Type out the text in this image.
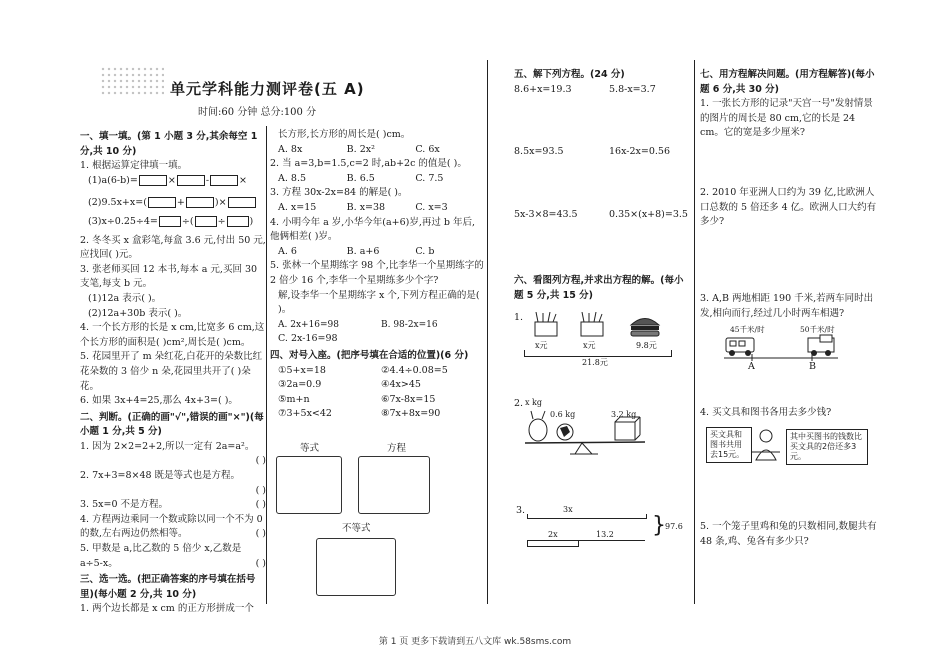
单元学科能力测评卷(五 A)
时间:60 分钟 总分:100 分
一、填一填。(第 1 小题 3 分,其余每空 1 分,共 10 分)
1. 根据运算定律填一填。
(1)a(6-b)=	×	-	×
(2)9.5x+x=(	+	)×
(3)x÷0.25÷4=	÷(	÷	)
2. 冬冬买 x 盒彩笔,每盒 3.6 元,付出 50 元,应找回( )元。
3. 张老师买回 12 本书,每本 a 元,买回 30 支笔,每支 b 元。
(1)12a 表示( )。
(2)12a+30b 表示( )。
4. 一个长方形的长是 x cm,比宽多 6 cm,这个长方形的面积是( )cm²,周长是( )cm。
5. 花园里开了 m 朵红花,白花开的朵数比红花朵数的 3 倍少 n 朵,花园里共开了( )朵花。
6. 如果 3x+4=25,那么 4x+3=( )。
二、判断。(正确的画"√",错误的画"×")(每小题 1 分,共 5 分)
1. 因为 2×2=2+2,所以一定有 2a=a²。
( )
2. 7x+3=8×48 既是等式也是方程。
( )
3. 5x=0 不是方程。	( )
4. 方程两边乘同一个数或除以同一个不为 0 的数,左右两边仍然相等。	( )
5. 甲数是 a,比乙数的 5 倍少 x,乙数是 a÷5-x。	( )
三、选一选。(把正确答案的序号填在括号里)(每小题 2 分,共 10 分)
1. 两个边长都是 x cm 的正方形拼成一个
长方形,长方形的周长是( )cm。
A. 8x	B. 2x²	C. 6x
2. 当 a=3,b=1.5,c=2 时,ab+2c 的值是( )。
A. 8.5	B. 6.5	C. 7.5
3. 方程 30x-2x=84 的解是( )。
A. x=15	B. x=38	C. x=3
4. 小明今年 a 岁,小华今年(a+6)岁,再过 b 年后,他俩相差( )岁。
A. 6	B. a+6	C. b
5. 张林一个星期练字 98 个,比李华一个星期练字的 2 倍少 16 个,李华一个星期练多少个字?
解,设李华一个星期练字 x 个,下列方程正确的是( )。
A. 2x+16=98	B. 98-2x=16
C. 2x-16=98
四、对号入座。(把序号填在合适的位置)(6 分)
①5+x=18	②4.4÷0.08=5
③2a=0.9	④4x>45
⑤m+n	⑥7x-8x=15
⑦3+5x<42	⑧7x+8x=90
等式	方程
不等式
五、解下列方程。(24 分)
8.6+x=19.3	5.8-x=3.7
8.5x=93.5	16x-2x=0.56
5x-3×8=43.5	0.35×(x+8)=3.5
六、看图列方程,并求出方程的解。(每小题 5 分,共 15 分)
1.
x元	x元	9.8元
21.8元
2. x kg
0.6 kg	3.2 kg
3.	3x
2x	13.2 } 97.6
七、用方程解决问题。(用方程解答)(每小题 6 分,共 30 分)
1. 一张长方形的记录"天宫一号"发射情景的图片的周长是 80 cm,它的长是 24 cm。它的宽是多少厘米?
2. 2010 年亚洲人口约为 39 亿,比欧洲人口总数的 5 倍还多 4 亿。欧洲人口大约有多少?
3. A,B 两地相距 190 千米,若两车同时出发,相向而行,经过几小时两车相遇?
45千米/时	50千米/时
A	B
4. 买文具和图书各用去多少钱?
买文具和图书共用去15元。
其中买图书的钱数比买文具的2倍还多3元。
5. 一个笼子里鸡和兔的只数相同,数腿共有 48 条,鸡、兔各有多少只?
第 1 页 更多下载请到五八文库 wk.58sms.com
